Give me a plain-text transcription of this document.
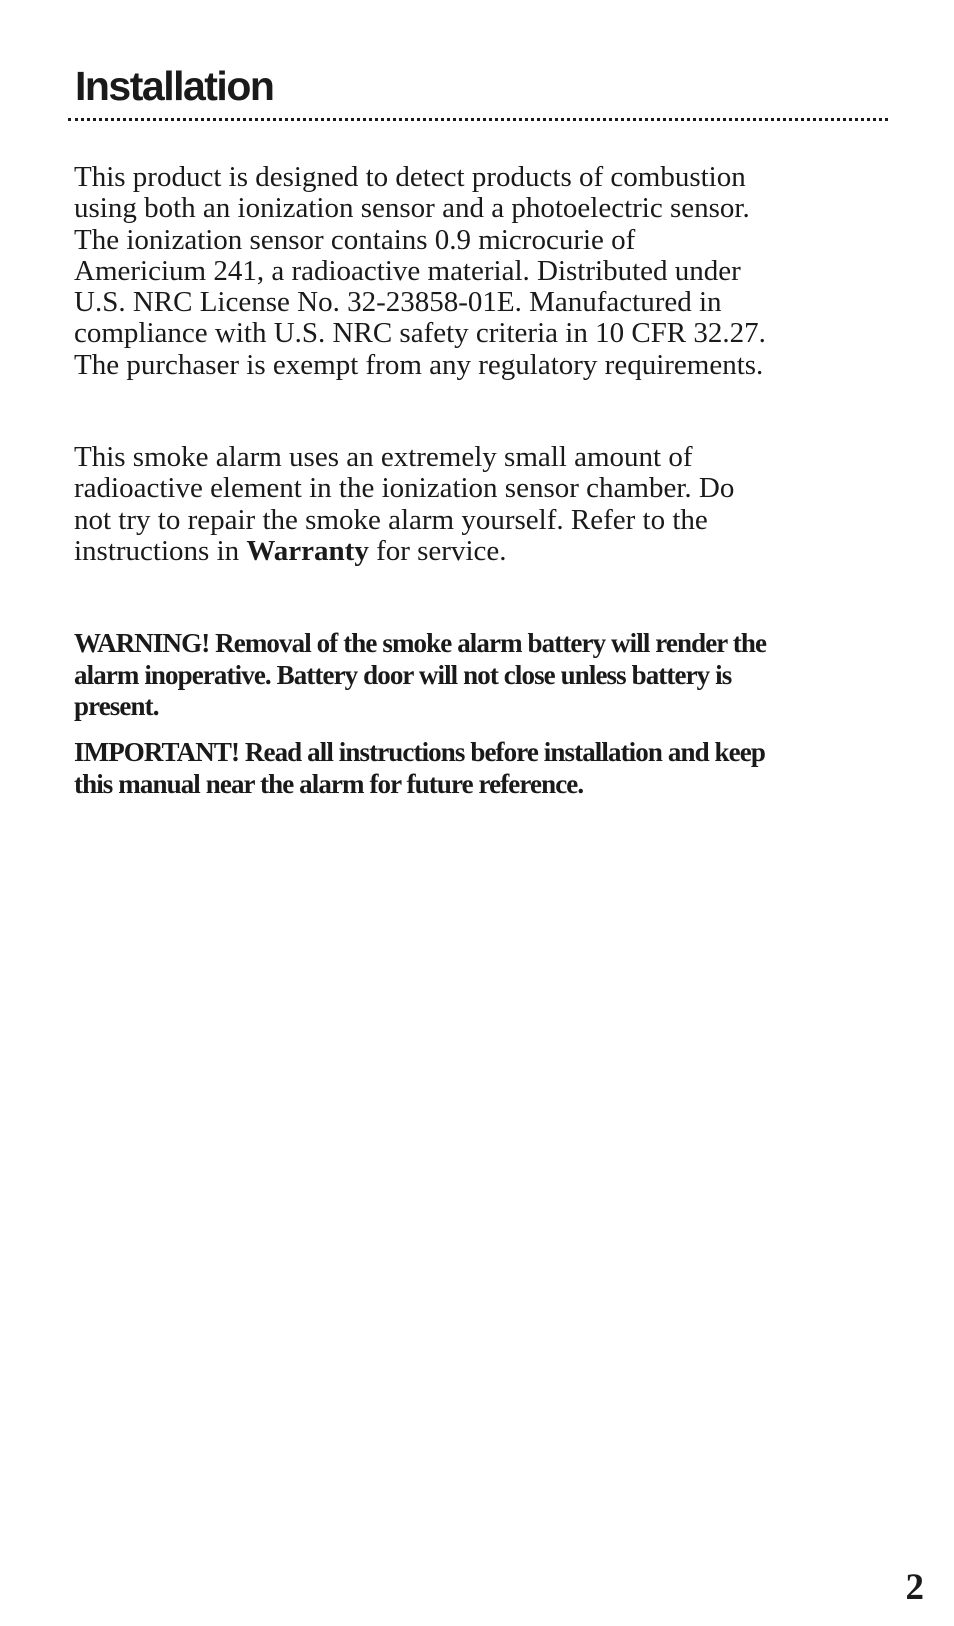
Installation

This product is designed to detect products of combustion
using both an ionization sensor and a photoelectric sensor.
The ionization sensor contains 0.9 microcurie of
Americium 241, a radioactive material. Distributed under
U.S. NRC License No. 32-23858-01E. Manufactured in
compliance with U.S. NRC safety criteria in 10 CFR 32.27.
The purchaser is exempt from any regulatory requirements.

This smoke alarm uses an extremely small amount of
radioactive element in the ionization sensor chamber. Do
not try to repair the smoke alarm yourself. Refer to the
instructions in Warranty for service.

WARNING! Removal of the smoke alarm battery will render the
alarm inoperative. Battery door will not close unless battery is
present.

IMPORTANT! Read all instructions before installation and keep
this manual near the alarm for future reference.

2
